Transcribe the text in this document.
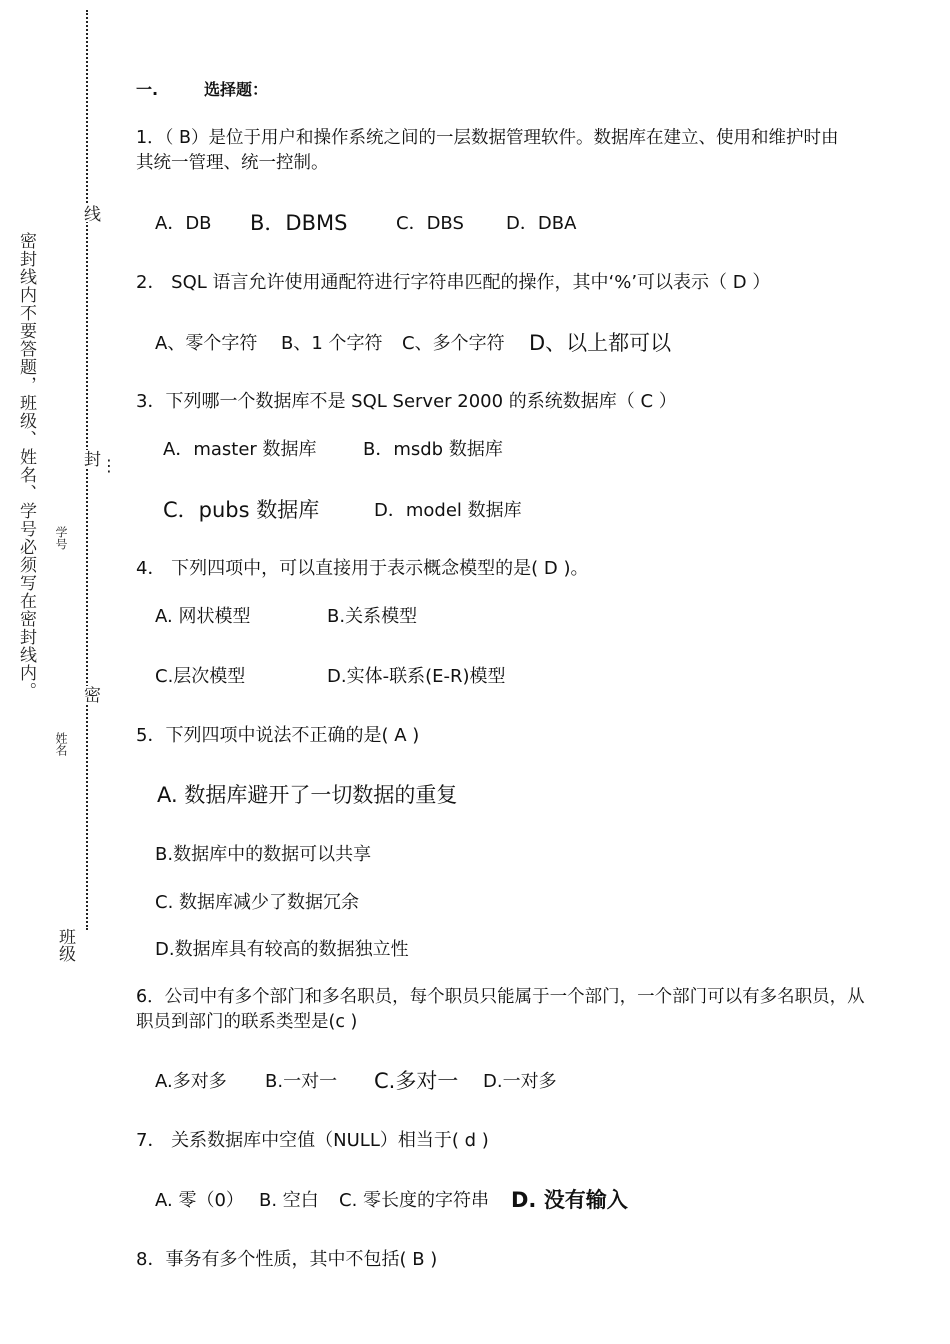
密封线内不要答题，班级、姓名、学号必须写在密封线内。
线
封 ⋮
密
学号
姓名
班级
一.	选择题：
1．（ B）是位于用户和操作系统之间的一层数据管理软件。数据库在建立、使用和维护时由
其统一管理、统一控制。
A．DB B．DBMS	C．DBS D．DBA
2． SQL 语言允许使用通配符进行字符串匹配的操作，其中‘%’可以表示（ D ）
A、零个字符 B、1 个字符 C、多个字符 D、以上都可以
3．下列哪一个数据库不是 SQL Server 2000 的系统数据库（ C ）
A．master 数据库	B．msdb 数据库
C．pubs 数据库	D．model 数据库
4． 下列四项中，可以直接用于表示概念模型的是( D )。
A. 网状模型	B.关系模型
C.层次模型	D.实体-联系(E-R)模型
5．下列四项中说法不正确的是( A )
A. 数据库避开了一切数据的重复
B.数据库中的数据可以共享
C. 数据库减少了数据冗余
D.数据库具有较高的数据独立性
6．公司中有多个部门和多名职员，每个职员只能属于一个部门，一个部门可以有多名职员，从
职员到部门的联系类型是(c )
A.多对多 B.一对一 C.多对一 D.一对多
7． 关系数据库中空值（NULL）相当于( d )
A. 零（0） B. 空白 C. 零长度的字符串 D. 没有输入
8．事务有多个性质，其中不包括( B )
